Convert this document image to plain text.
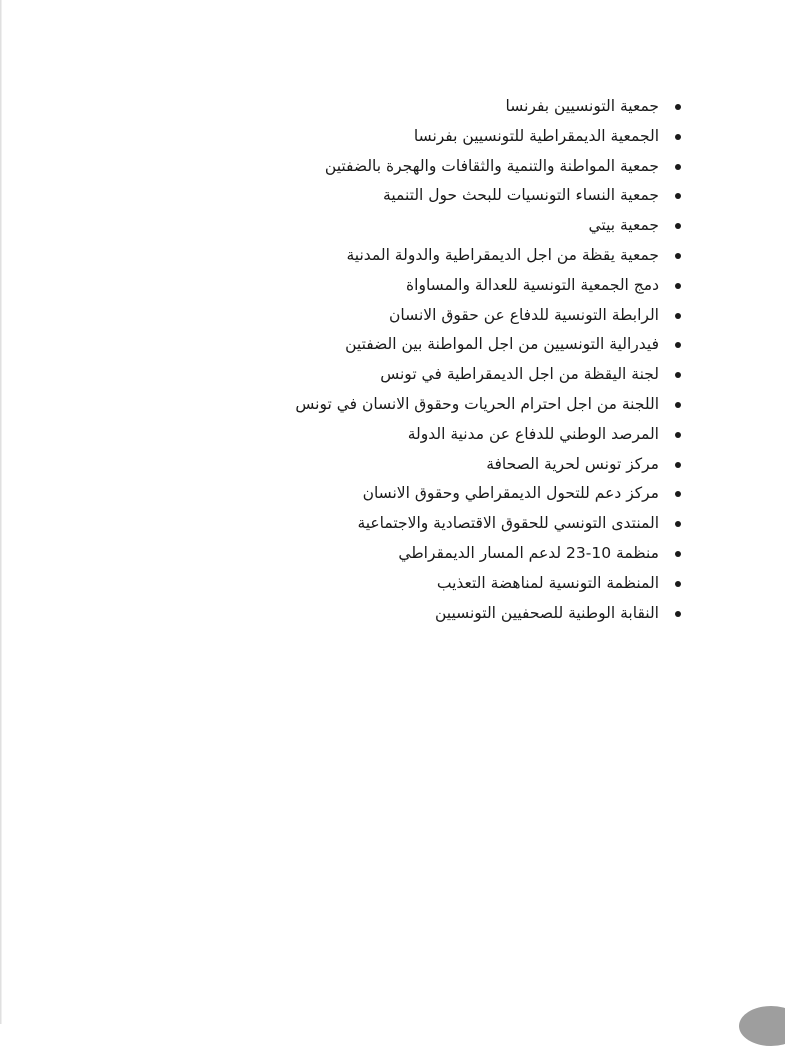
جمعية التونسيين بفرنسا
الجمعية الديمقراطية للتونسيين بفرنسا
جمعية المواطنة والتنمية والثقافات والهجرة بالضفتين
جمعية النساء التونسيات للبحث حول التنمية
جمعية بيتي
جمعية يقظة من اجل الديمقراطية والدولة المدنية
دمج الجمعية التونسية للعدالة والمساواة
الرابطة التونسية للدفاع عن حقوق الانسان
فيدرالية التونسيين من اجل المواطنة بين الضفتين
لجنة اليقظة من اجل الديمقراطية في تونس
اللجنة من اجل احترام الحريات وحقوق الانسان في تونس
المرصد الوطني للدفاع عن مدنية الدولة
مركز تونس لحرية الصحافة
مركز دعم للتحول الديمقراطي وحقوق الانسان
المنتدى التونسي للحقوق الاقتصادية والاجتماعية
منظمة 10-23 لدعم المسار الديمقراطي
المنظمة التونسية لمناهضة التعذيب
النقابة الوطنية للصحفيين التونسيين
